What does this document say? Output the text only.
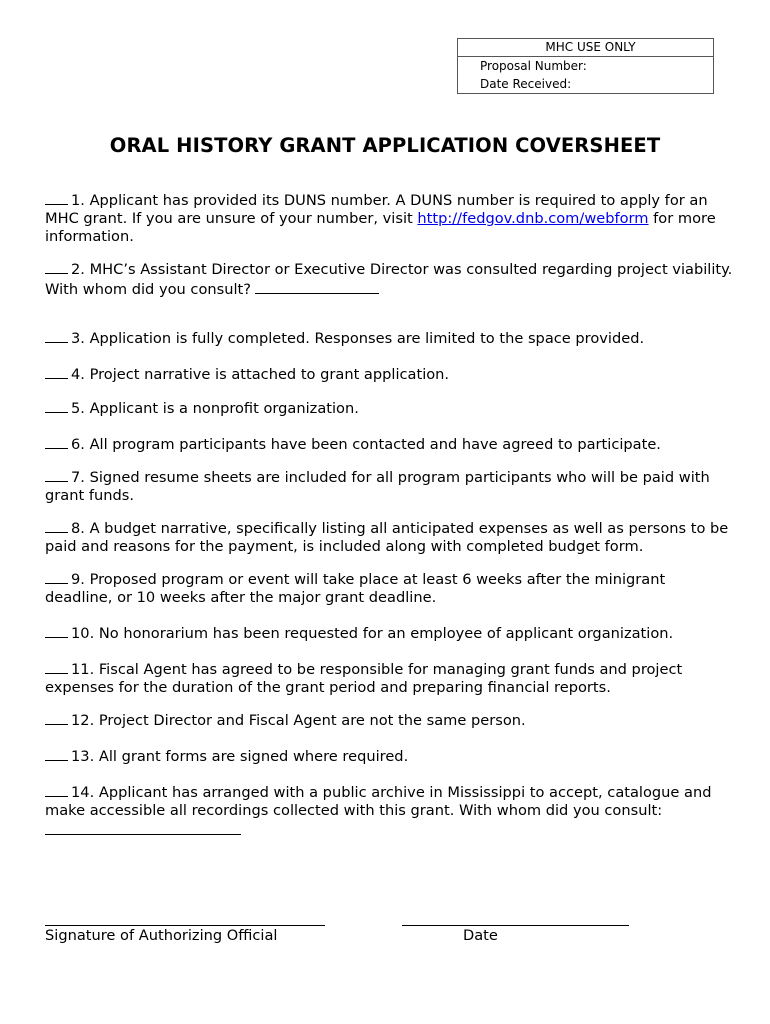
MHC USE ONLY
Proposal Number:
Date Received:
ORAL HISTORY GRANT APPLICATION COVERSHEET
1. Applicant has provided its DUNS number. A DUNS number is required to apply for an MHC grant. If you are unsure of your number, visit http://fedgov.dnb.com/webform for more information.
2. MHC’s Assistant Director or Executive Director was consulted regarding project viability.
With whom did you consult?
3. Application is fully completed. Responses are limited to the space provided.
4. Project narrative is attached to grant application.
5. Applicant is a nonprofit organization.
6. All program participants have been contacted and have agreed to participate.
7. Signed resume sheets are included for all program participants who will be paid with grant funds.
8. A budget narrative, specifically listing all anticipated expenses as well as persons to be paid and reasons for the payment, is included along with completed budget form.
9. Proposed program or event will take place at least 6 weeks after the minigrant deadline, or 10 weeks after the major grant deadline.
10. No honorarium has been requested for an employee of applicant organization.
11. Fiscal Agent has agreed to be responsible for managing grant funds and project expenses for the duration of the grant period and preparing financial reports.
12. Project Director and Fiscal Agent are not the same person.
13. All grant forms are signed where required.
14. Applicant has arranged with a public archive in Mississippi to accept, catalogue and make accessible all recordings collected with this grant. With whom did you consult:
Signature of Authorizing Official	Date
